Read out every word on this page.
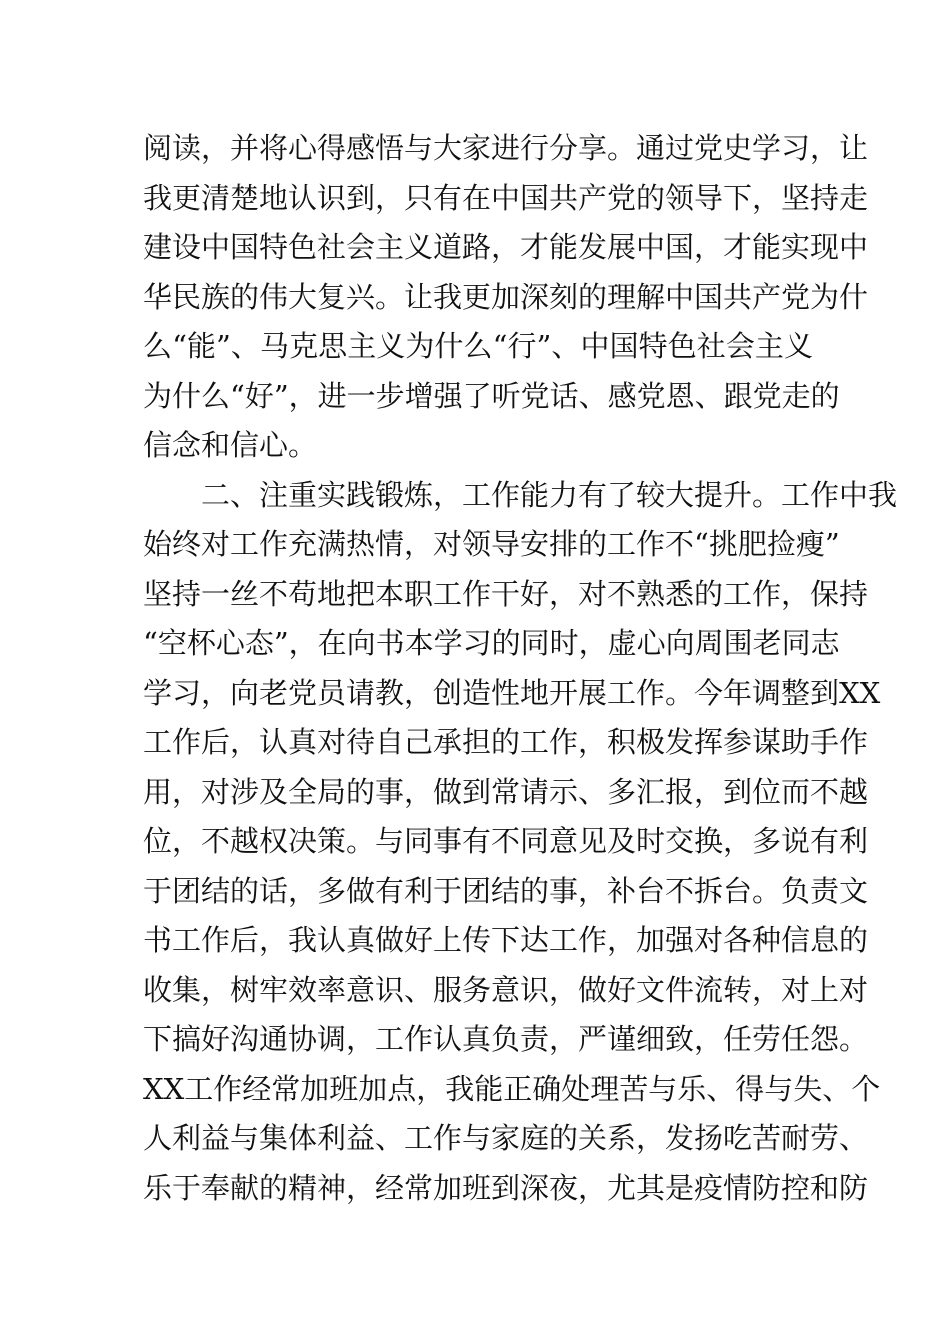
阅读，并将心得感悟与大家进行分享。通过党史学习，让
我更清楚地认识到，只有在中国共产党的领导下，坚持走
建设中国特色社会主义道路，才能发展中国，才能实现中
华民族的伟大复兴。让我更加深刻的理解中国共产党为什
么“能”、马克思主义为什么“行”、中国特色社会主义
为什么“好”，进一步增强了听党话、感党恩、跟党走的
信念和信心。
二、注重实践锻炼，工作能力有了较大提升。工作中我
始终对工作充满热情，对领导安排的工作不“挑肥捡瘦”
坚持一丝不苟地把本职工作干好，对不熟悉的工作，保持
“空杯心态”，在向书本学习的同时，虚心向周围老同志
学习，向老党员请教，创造性地开展工作。今年调整到XX
工作后，认真对待自己承担的工作，积极发挥参谋助手作
用，对涉及全局的事，做到常请示、多汇报，到位而不越
位，不越权决策。与同事有不同意见及时交换，多说有利
于团结的话，多做有利于团结的事，补台不拆台。负责文
书工作后，我认真做好上传下达工作，加强对各种信息的
收集，树牢效率意识、服务意识，做好文件流转，对上对
下搞好沟通协调，工作认真负责，严谨细致，任劳任怨。
XX工作经常加班加点，我能正确处理苦与乐、得与失、个
人利益与集体利益、工作与家庭的关系，发扬吃苦耐劳、
乐于奉献的精神，经常加班到深夜，尤其是疫情防控和防
